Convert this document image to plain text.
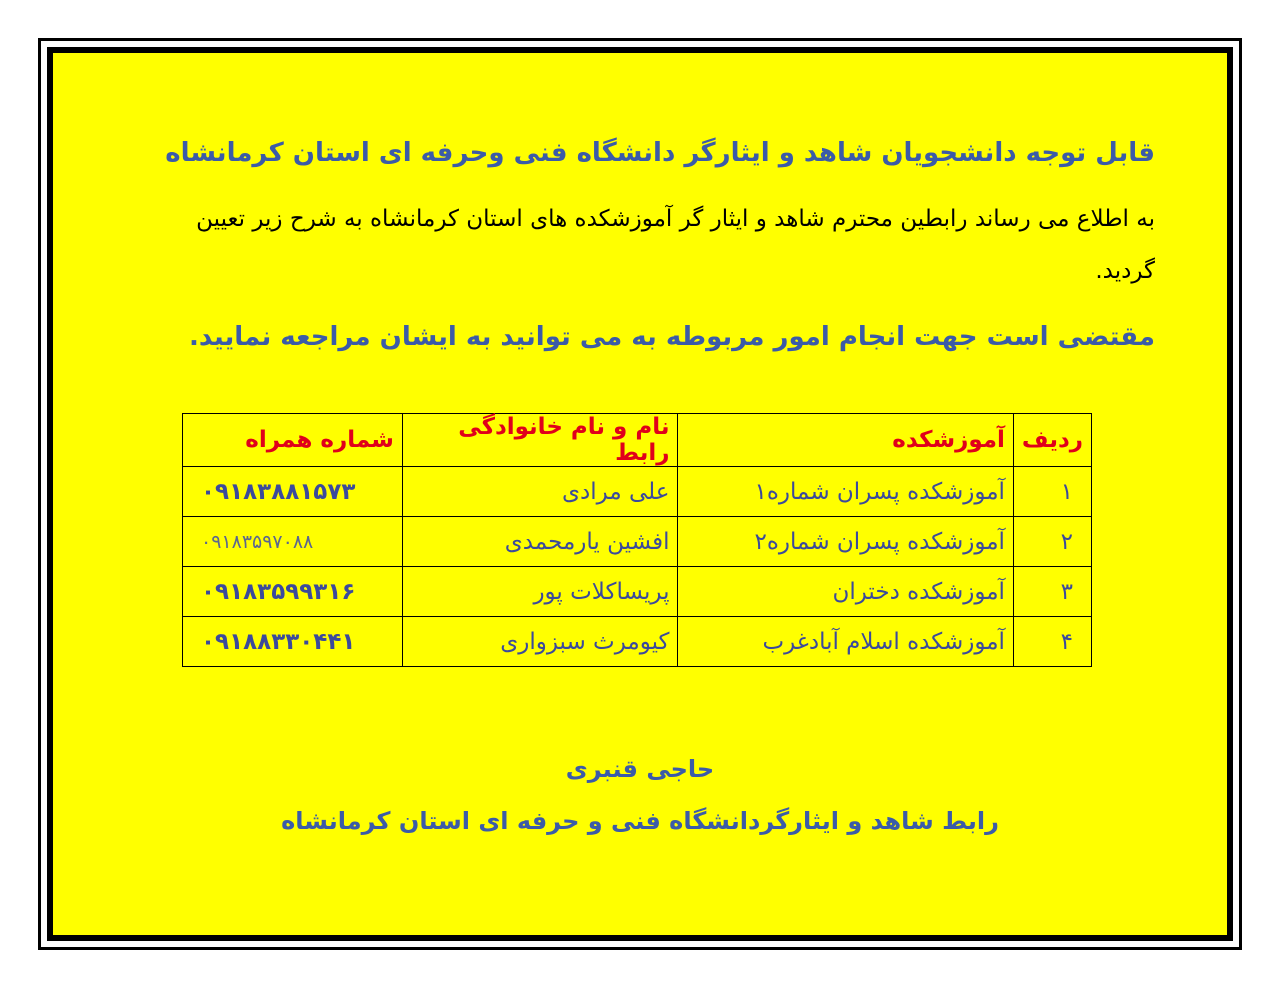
قابل توجه دانشجویان شاهد و ایثارگر دانشگاه فنی وحرفه ای استان کرمانشاه
به اطلاع می رساند رابطین محترم شاهد و ایثار گر آموزشکده های استان کرمانشاه به شرح زیر تعیین گردید.
مقتضی است جهت انجام امور مربوطه به می توانید به ایشان مراجعه نمایید.
ردیف	آموزشکده	نام و نام خانوادگی رابط	شماره همراه
۱	آموزشکده پسران شماره۱	علی مرادی	۰۹۱۸۳۸۸۱۵۷۳
۲	آموزشکده پسران شماره۲	افشین یارمحمدی	۰۹۱۸۳۵۹۷۰۸۸
۳	آموزشکده دختران	پریساکلات پور	۰۹۱۸۳۵۹۹۳۱۶
۴	آموزشکده اسلام آبادغرب	کیومرث سبزواری	۰۹۱۸۸۳۳۰۴۴۱
حاجی قنبری
رابط شاهد و ایثارگردانشگاه فنی و حرفه ای استان کرمانشاه
